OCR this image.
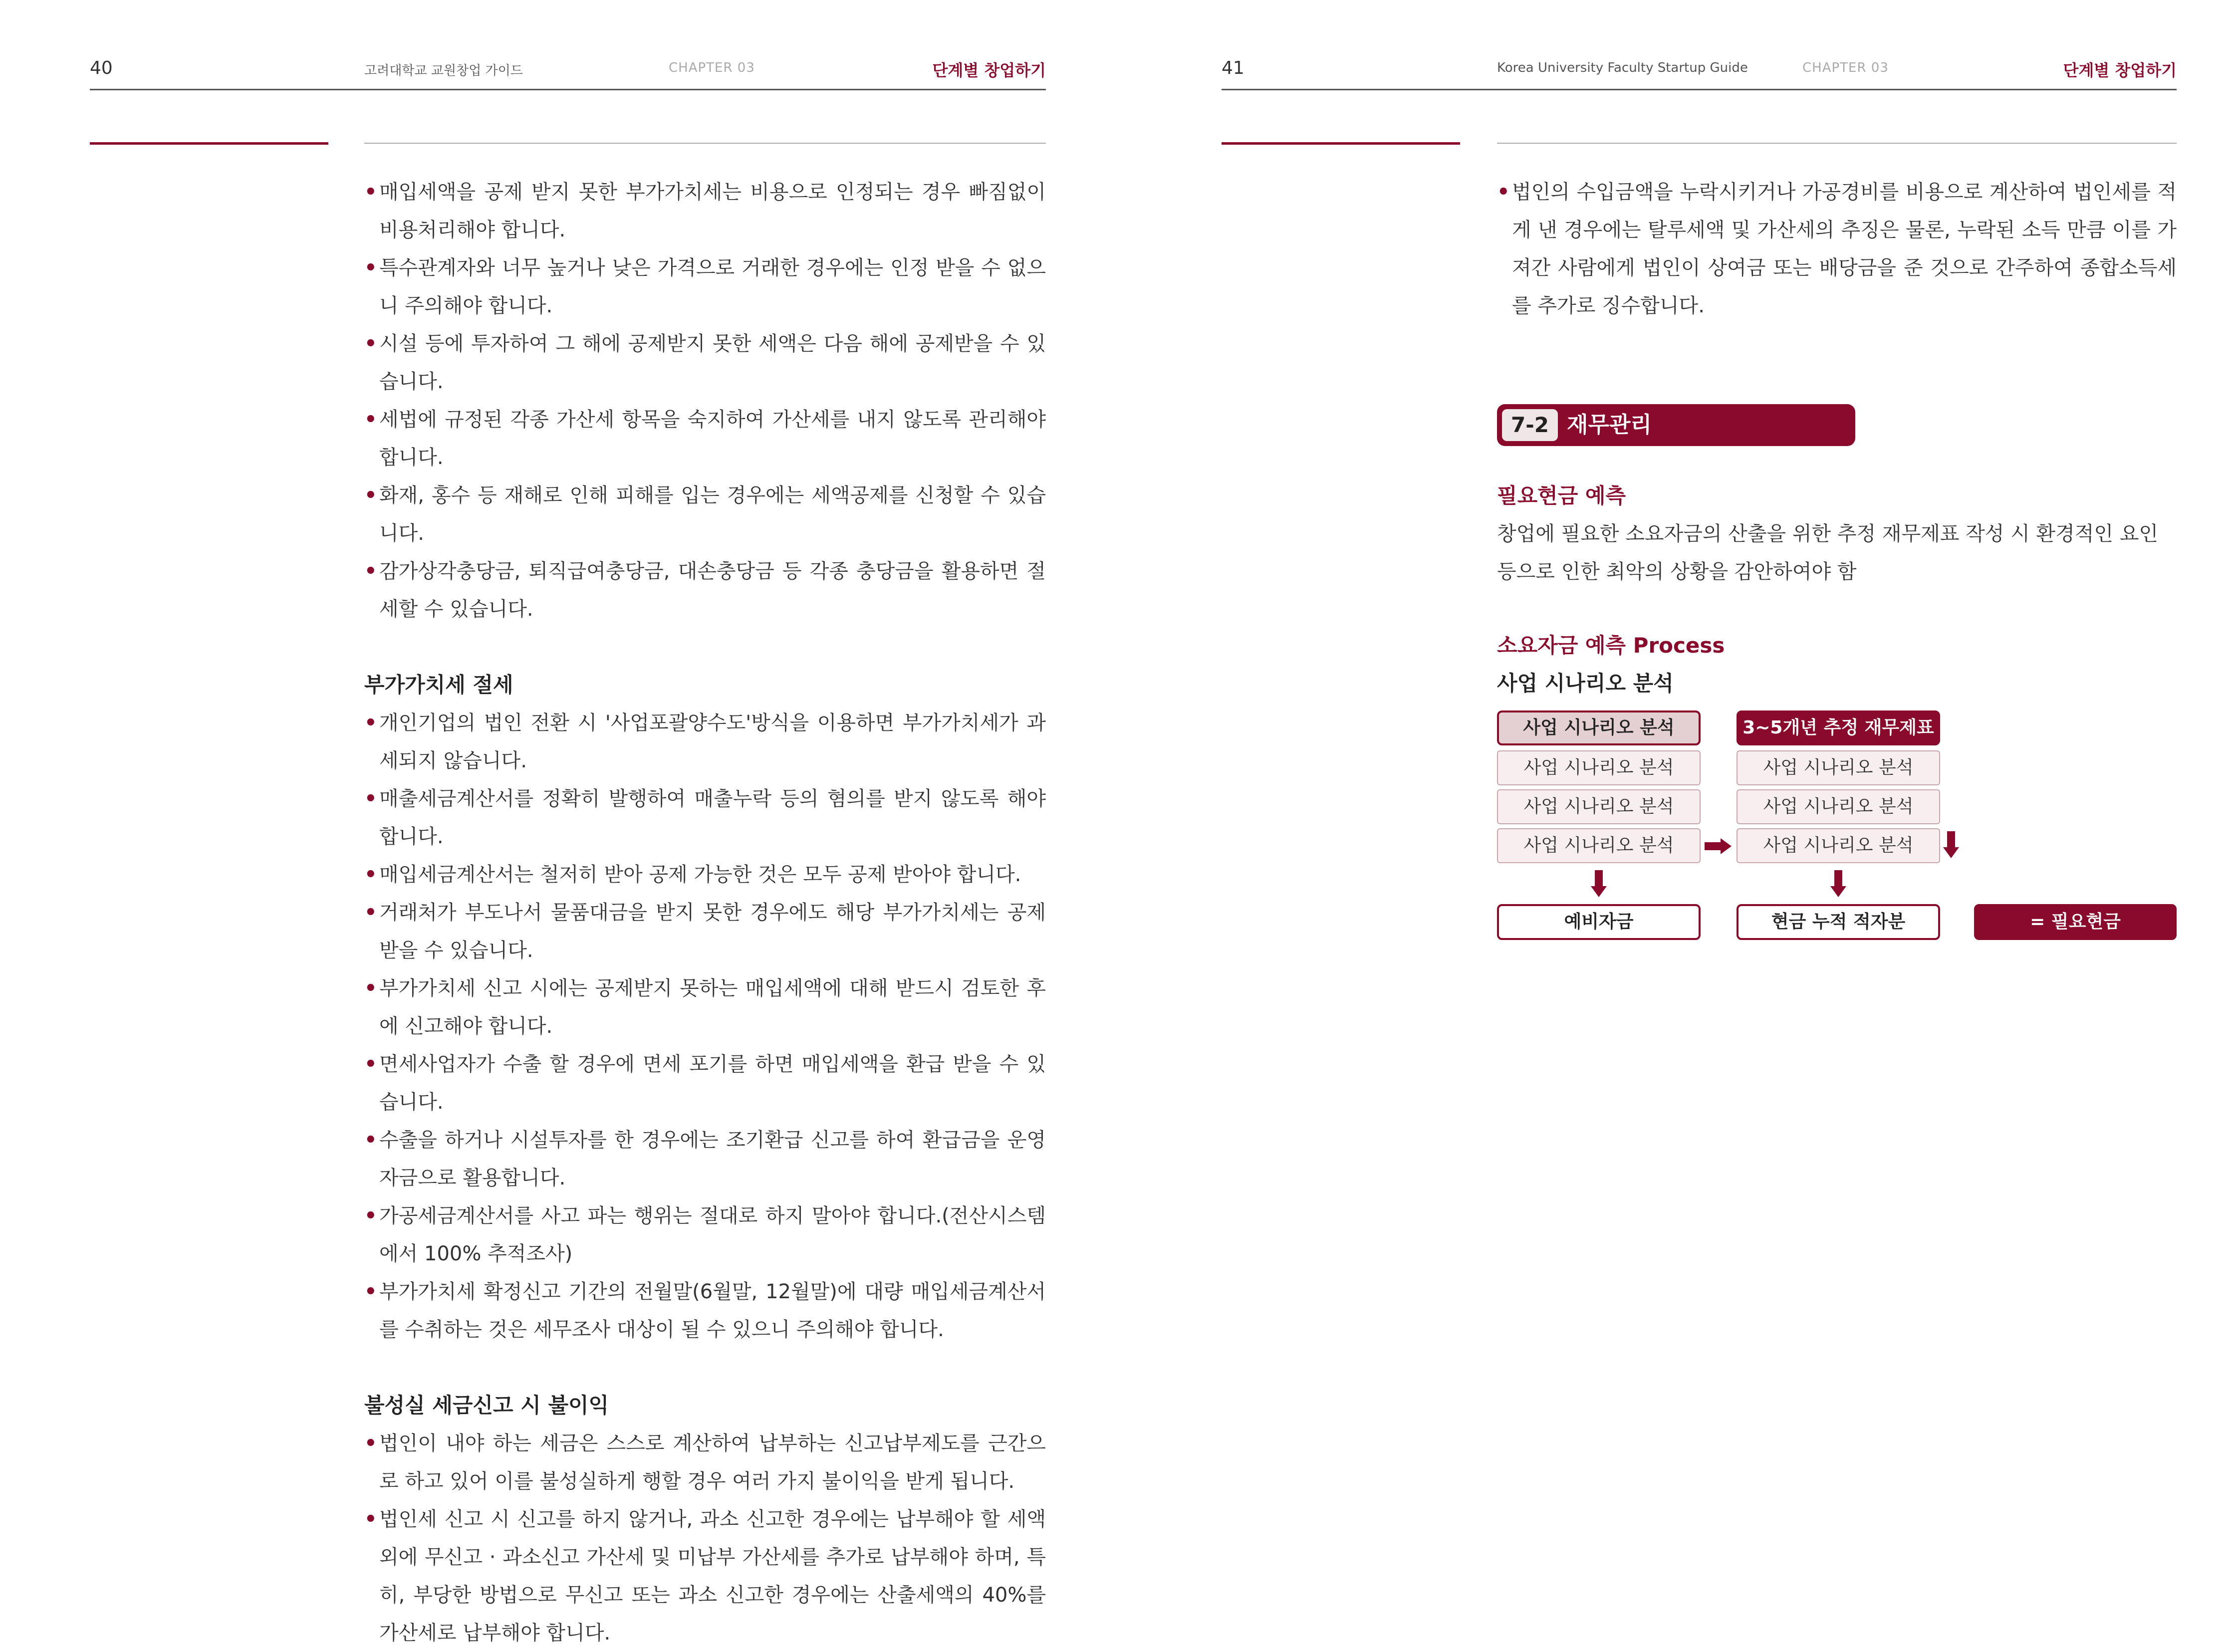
40	고려대학교 교원창업 가이드	CHAPTER 03	단계별 창업하기
• 매입세액을 공제 받지 못한 부가가치세는 비용으로 인정되는 경우 빠짐없이 비용처리해야 합니다.
• 특수관계자와 너무 높거나 낮은 가격으로 거래한 경우에는 인정 받을 수 없으니 주의해야 합니다.
• 시설 등에 투자하여 그 해에 공제받지 못한 세액은 다음 해에 공제받을 수 있습니다.
• 세법에 규정된 각종 가산세 항목을 숙지하여 가산세를 내지 않도록 관리해야 합니다.
• 화재, 홍수 등 재해로 인해 피해를 입는 경우에는 세액공제를 신청할 수 있습니다.
• 감가상각충당금, 퇴직급여충당금, 대손충당금 등 각종 충당금을 활용하면 절세할 수 있습니다.
부가가치세 절세
• 개인기업의 법인 전환 시 '사업포괄양수도'방식을 이용하면 부가가치세가 과세되지 않습니다.
• 매출세금계산서를 정확히 발행하여 매출누락 등의 혐의를 받지 않도록 해야 합니다.
• 매입세금계산서는 철저히 받아 공제 가능한 것은 모두 공제 받아야 합니다.
• 거래처가 부도나서 물품대금을 받지 못한 경우에도 해당 부가가치세는 공제 받을 수 있습니다.
• 부가가치세 신고 시에는 공제받지 못하는 매입세액에 대해 받드시 검토한 후에 신고해야 합니다.
• 면세사업자가 수출 할 경우에 면세 포기를 하면 매입세액을 환급 받을 수 있습니다.
• 수출을 하거나 시설투자를 한 경우에는 조기환급 신고를 하여 환급금을 운영자금으로 활용합니다.
• 가공세금계산서를 사고 파는 행위는 절대로 하지 말아야 합니다.(전산시스템에서 100% 추적조사)
• 부가가치세 확정신고 기간의 전월말(6월말, 12월말)에 대량 매입세금계산서를 수취하는 것은 세무조사 대상이 될 수 있으니 주의해야 합니다.
불성실 세금신고 시 불이익
• 법인이 내야 하는 세금은 스스로 계산하여 납부하는 신고납부제도를 근간으로 하고 있어 이를 불성실하게 행할 경우 여러 가지 불이익을 받게 됩니다.
• 법인세 신고 시 신고를 하지 않거나, 과소 신고한 경우에는 납부해야 할 세액 외에 무신고 · 과소신고 가산세 및 미납부 가산세를 추가로 납부해야 하며, 특히, 부당한 방법으로 무신고 또는 과소 신고한 경우에는 산출세액의 40%를 가산세로 납부해야 합니다.
41	Korea University Faculty Startup Guide	CHAPTER 03	단계별 창업하기
• 법인의 수입금액을 누락시키거나 가공경비를 비용으로 계산하여 법인세를 적게 낸 경우에는 탈루세액 및 가산세의 추징은 물론, 누락된 소득 만큼 이를 가져간 사람에게 법인이 상여금 또는 배당금을 준 것으로 간주하여 종합소득세를 추가로 징수합니다.
7-2 재무관리
필요현금 예측
창업에 필요한 소요자금의 산출을 위한 추정 재무제표 작성 시 환경적인 요인 등으로 인한 최악의 상황을 감안하여야 함
소요자금 예측 Process
사업 시나리오 분석
사업 시나리오 분석
사업 시나리오 분석
사업 시나리오 분석
사업 시나리오 분석
3~5개년 추정 재무제표
사업 시나리오 분석
사업 시나리오 분석
사업 시나리오 분석
예비자금	현금 누적 적자분	= 필요현금
